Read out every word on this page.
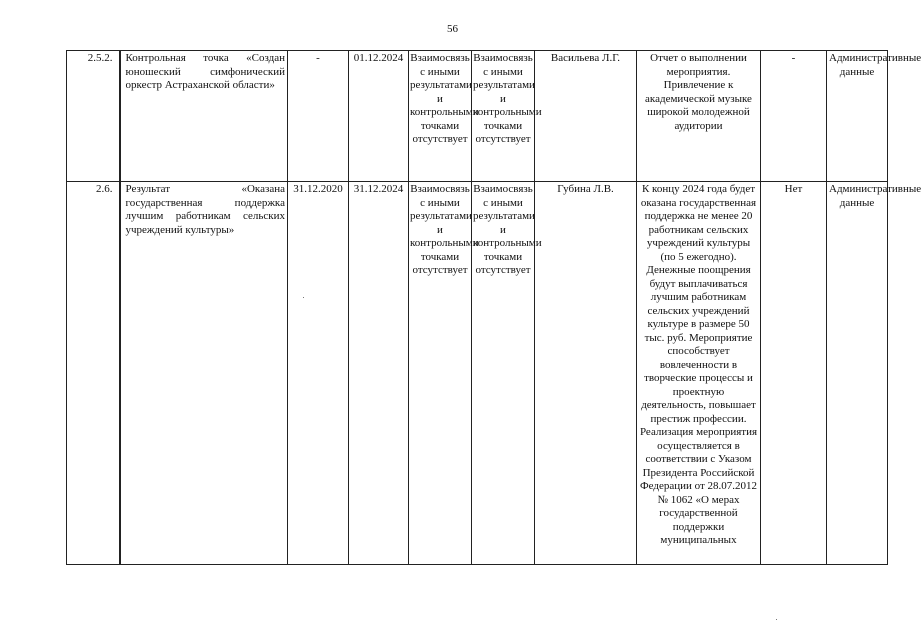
56
2.5.2.	Контрольная точка «Создан юношеский симфонический оркестр Астраханской области»	-	01.12.2024	Взаимосвязь с иными результатами и контрольными точками отсутствует	Взаимосвязь с иными результатами и контрольными точками отсутствует	Васильева Л.Г.	Отчет о выполнении мероприятия. Привлечение к академической музыке широкой молодежной аудитории	-	Административные данные
2.6.	Результат «Оказана государственная поддержка лучшим работникам сельских учреждений культуры»	31.12.2020	31.12.2024	Взаимосвязь с иными результатами и контрольными точками отсутствует	Взаимосвязь с иными результатами и контрольными точками отсутствует	Губина Л.В.	К концу 2024 года будет оказана государственная поддержка не менее 20 работникам сельских учреждений культуры (по 5 ежегодно). Денежные поощрения будут выплачиваться лучшим работникам сельских учреждений культуре в размере 50 тыс. руб. Мероприятие способствует вовлеченности в творческие процессы и проектную деятельность, повышает престиж профессии. Реализация мероприятия осуществляется в соответствии с Указом Президента Российской Федерации от 28.07.2012 № 1062 «О мерах государственной поддержки муниципальных	Нет	Административные данные
